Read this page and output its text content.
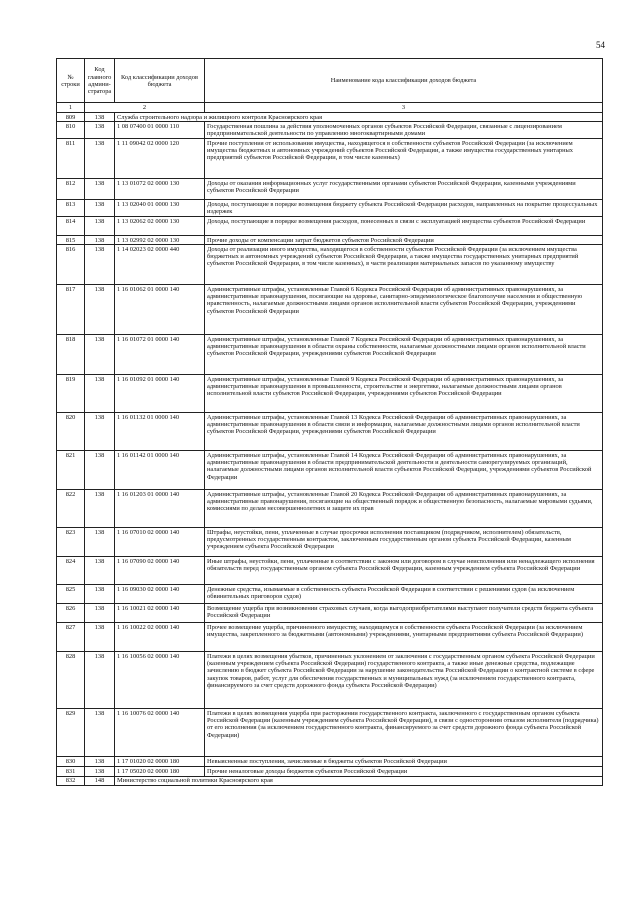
54
№ строки	Код главного админи-стратора	Код классификации доходов бюджета	Наименование кода классификации доходов бюджета
1	2		3
809	138	Служба строительного надзора и жилищного контроля Красноярского края	
810	138	1 08 07400 01 0000 110	Государственная пошлина за действия уполномоченных органов субъектов Российской Федерации, связанные с лицензированием предпринимательской деятельности по управлению многоквартирными домами
811	138	1 11 09042 02 0000 120	Прочие поступления от использования имущества, находящегося в собственности субъектов Российской Федерации (за исключением имущества бюджетных и автономных учреждений субъектов Российской Федерации, а также имущества государственных унитарных предприятий субъектов Российской Федерации, в том числе казенных)
812	138	1 13 01072 02 0000 130	Доходы от оказания информационных услуг государственными органами субъектов Российской Федерации, казенными учреждениями субъектов Российской Федерации
813	138	1 13 02040 01 0000 130	Доходы, поступающие в порядке возмещения бюджету субъекта Российской Федерации расходов, направленных на покрытие процессуальных издержек
814	138	1 13 02062 02 0000 130	Доходы, поступающие в порядке возмещения расходов, понесенных в связи с эксплуатацией имущества субъектов Российской Федерации
815	138	1 13 02992 02 0000 130	Прочие доходы от компенсации затрат бюджетов субъектов Российской Федерации
816	138	1 14 02023 02 0000 440	Доходы от реализации иного имущества, находящегося в собственности субъектов Российской Федерации (за исключением имущества бюджетных и автономных учреждений субъектов Российской Федерации, а также имущества государственных унитарных предприятий субъектов Российской Федерации, в том числе казенных), в части реализации материальных запасов по указанному имуществу
817	138	1 16 01062 01 0000 140	Административные штрафы, установленные Главой 6 Кодекса Российской Федерации об административных правонарушениях, за административные правонарушения, посягающие на здоровье, санитарно-эпидемиологическое благополучие населения и общественную нравственность, налагаемые должностными лицами органов исполнительной власти субъектов Российской Федерации, учреждениями субъектов Российской Федерации
818	138	1 16 01072 01 0000 140	Административные штрафы, установленные Главой 7 Кодекса Российской Федерации об административных правонарушениях, за административные правонарушения в области охраны собственности, налагаемые должностными лицами органов исполнительной власти субъектов Российской Федерации, учреждениями субъектов Российской Федерации
819	138	1 16 01092 01 0000 140	Административные штрафы, установленные Главой 9 Кодекса Российской Федерации об административных правонарушениях, за административные правонарушения в промышленности, строительстве и энергетике, налагаемые должностными лицами органов исполнительной власти субъектов Российской Федерации, учреждениями субъектов Российской Федерации
820	138	1 16 01132 01 0000 140	Административные штрафы, установленные Главой 13 Кодекса Российской Федерации об административных правонарушениях, за административные правонарушения в области связи и информации, налагаемые должностными лицами органов исполнительной власти субъектов Российской Федерации, учреждениями субъектов Российской Федерации
821	138	1 16 01142 01 0000 140	Административные штрафы, установленные Главой 14 Кодекса Российской Федерации об административных правонарушениях, за административные правонарушения в области предпринимательской деятельности и деятельности саморегулируемых организаций, налагаемые должностными лицами органов исполнительной власти субъектов Российской Федерации, учреждениями субъектов Российской Федерации
822	138	1 16 01203 01 0000 140	Административные штрафы, установленные Главой 20 Кодекса Российской Федерации об административных правонарушениях, за административные правонарушения, посягающие на общественный порядок и общественную безопасность, налагаемые мировыми судьями, комиссиями по делам несовершеннолетних и защите их прав
823	138	1 16 07010 02 0000 140	Штрафы, неустойки, пени, уплаченные в случае просрочки исполнения поставщиком (подрядчиком, исполнителем) обязательств, предусмотренных государственным контрактом, заключенным государственным органом субъекта Российской Федерации, казенным учреждением субъекта Российской Федерации
824	138	1 16 07090 02 0000 140	Иные штрафы, неустойки, пени, уплаченные в соответствии с законом или договором в случае неисполнения или ненадлежащего исполнения обязательств перед государственным органом субъекта Российской Федерации, казенным учреждением субъекта Российской Федерации
825	138	1 16 09030 02 0000 140	Денежные средства, изымаемые в собственность субъекта Российской Федерации в соответствии с решениями судов (за исключением обвинительных приговоров судов)
826	138	1 16 10021 02 0000 140	Возмещение ущерба при возникновении страховых случаев, когда выгодоприобретателями выступают получатели средств бюджета субъекта Российской Федерации
827	138	1 16 10022 02 0000 140	Прочее возмещение ущерба, причиненного имуществу, находящемуся в собственности субъекта Российской Федерации (за исключением имущества, закрепленного за бюджетными (автономными) учреждениями, унитарными предприятиями субъекта Российской Федерации)
828	138	1 16 10056 02 0000 140	Платежи в целях возмещения убытков, причиненных уклонением от заключения с государственным органом субъекта Российской Федерации (казенным учреждением субъекта Российской Федерации) государственного контракта, а также иные денежные средства, подлежащие зачислению в бюджет субъекта Российской Федерации за нарушение законодательства Российской Федерации о контрактной системе в сфере закупок товаров, работ, услуг для обеспечения государственных и муниципальных нужд (за исключением государственного контракта, финансируемого за счет средств дорожного фонда субъекта Российской Федерации)
829	138	1 16 10076 02 0000 140	Платежи в целях возмещения ущерба при расторжении государственного контракта, заключенного с государственным органом субъекта Российской Федерации (казенным учреждением субъекта Российской Федерации), в связи с односторонним отказом исполнителя (подрядчика) от его исполнения (за исключением государственного контракта, финансируемого за счет средств дорожного фонда субъекта Российской Федерации)
830	138	1 17 01020 02 0000 180	Невыясненные поступления, зачисляемые в бюджеты субъектов Российской Федерации
831	138	1 17 05020 02 0000 180	Прочие неналоговые доходы бюджетов субъектов Российской Федерации
832	148	Министерство социальной политики Красноярского края	
